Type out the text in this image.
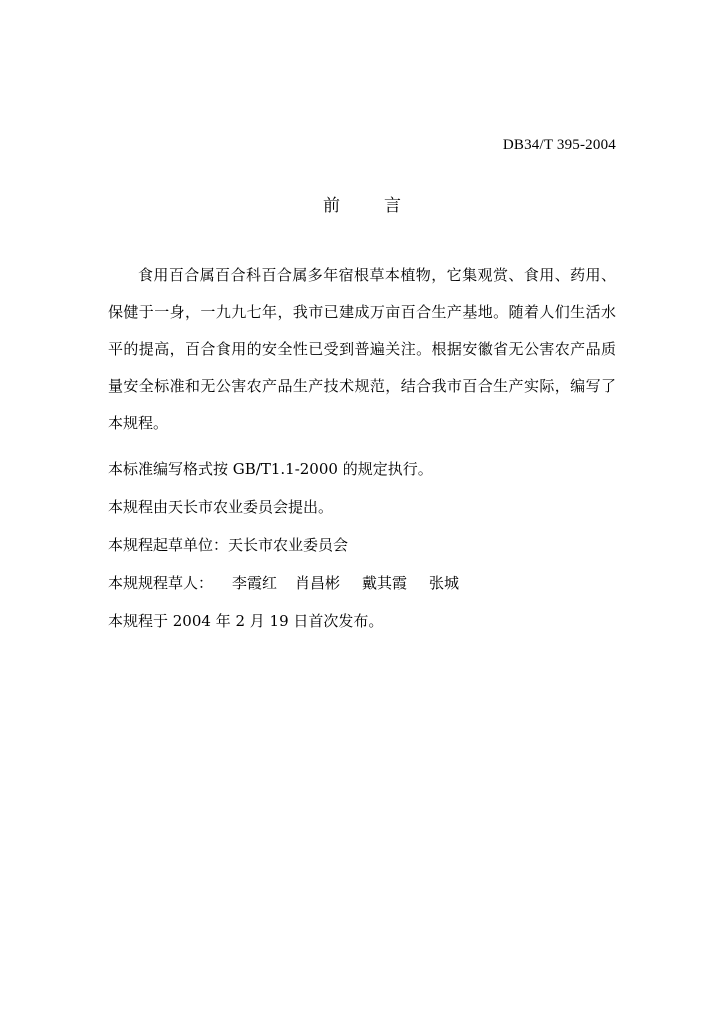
DB34/T 395-2004
前言
食用百合属百合科百合属多年宿根草本植物，它集观赏、食用、药用、保健于一身，一九九七年，我市已建成万亩百合生产基地。随着人们生活水平的提高，百合食用的安全性已受到普遍关注。根据安徽省无公害农产品质量安全标准和无公害农产品生产技术规范，结合我市百合生产实际，编写了本规程。
本标准编写格式按 GB/T1.1-2000 的规定执行。
本规程由天长市农业委员会提出。
本规程起草单位：天长市农业委员会
本规规程草人： 李霞红 肖昌彬 戴其霞 张城
本规程于 2004 年 2 月 19 日首次发布。
